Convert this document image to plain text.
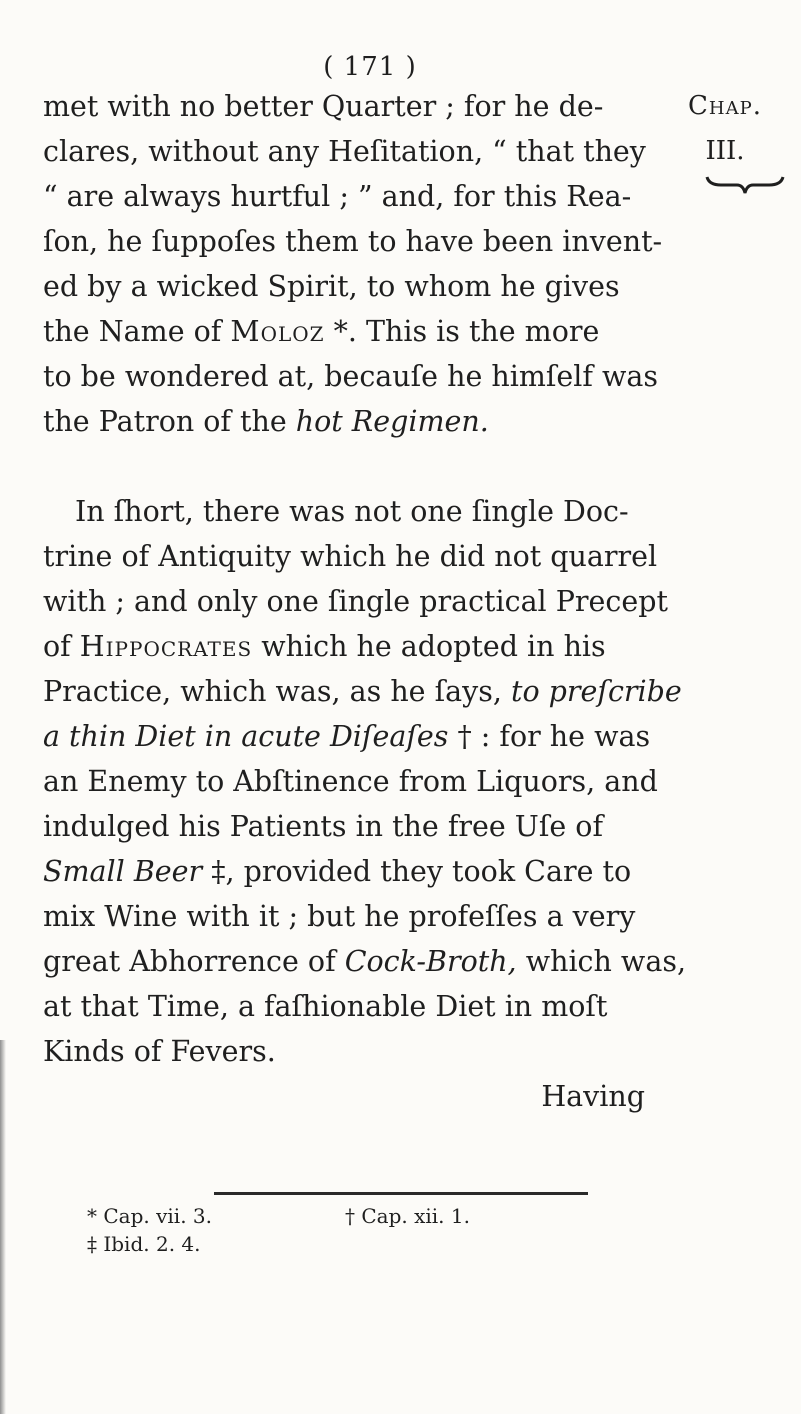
( 171 )
Chap.
III.
met with no better Quarter ; for he de-
clares, without any Heſitation, “ that they
“ are always hurtful ; ” and, for this Rea-
ſon, he ſuppoſes them to have been invent-
ed by a wicked Spirit, to whom he gives
the Name of
Moloz
*. This is the more
to be wondered at, becauſe he himſelf was
the Patron of the
hot Regimen.
In ſhort, there was not one ſingle Doc-
trine of Antiquity which he did not quarrel
with ; and only one ſingle practical Precept
of
Hippocrates
which he adopted in his
Practice, which was, as he ſays,
to preſcribe
a thin Diet in acute Diſeaſes
† : for he was
an Enemy to Abſtinence from Liquors, and
indulged his Patients in the free Uſe of
Small Beer
‡, provided they took Care to
mix Wine with it ; but he profeſſes a very
great Abhorrence of
Cock-Broth,
which was,
at that Time, a faſhionable Diet in moſt
Kinds of Fevers.
Having
* Cap. vii. 3.	† Cap. xii. 1.
‡ Ibid. 2. 4.
